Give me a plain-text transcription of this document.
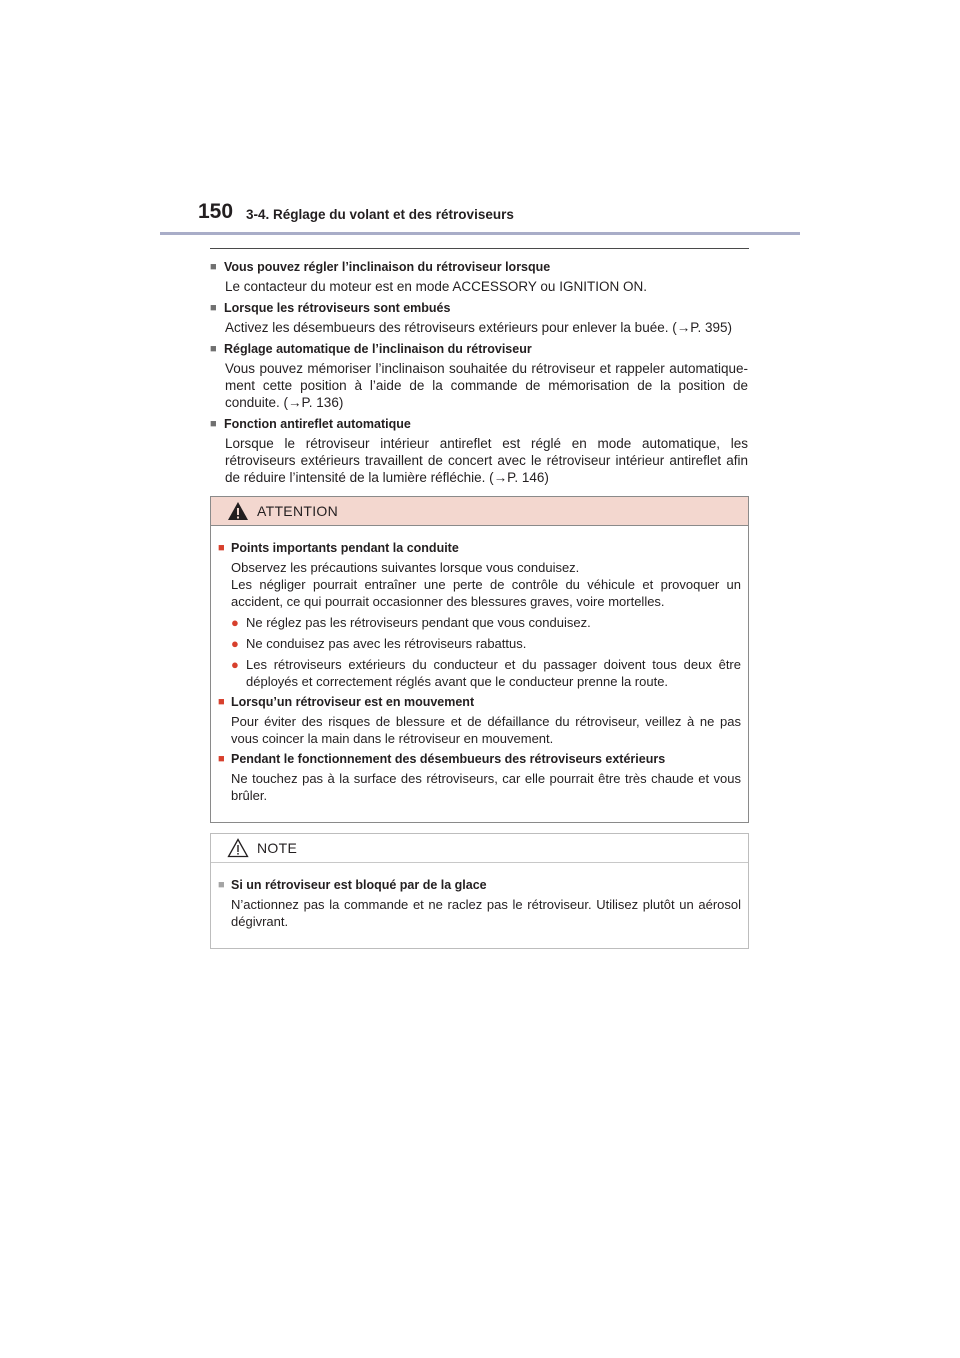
150 3-4. Réglage du volant et des rétroviseurs
■ Vous pouvez régler l’inclinaison du rétroviseur lorsque
Le contacteur du moteur est en mode ACCESSORY ou IGNITION ON.
■ Lorsque les rétroviseurs sont embués
Activez les désembueurs des rétroviseurs extérieurs pour enlever la buée. (→P. 395)
■ Réglage automatique de l’inclinaison du rétroviseur
Vous pouvez mémoriser l’inclinaison souhaitée du rétroviseur et rappeler automatique-ment cette position à l’aide de la commande de mémorisation de la position de conduite. (→P. 136)
■ Fonction antireflet automatique
Lorsque le rétroviseur intérieur antireflet est réglé en mode automatique, les rétroviseurs extérieurs travaillent de concert avec le rétroviseur intérieur antireflet afin de réduire l’intensité de la lumière réfléchie. (→P. 146)
ATTENTION
■ Points importants pendant la conduite
Observez les précautions suivantes lorsque vous conduisez.
Les négliger pourrait entraîner une perte de contrôle du véhicule et provoquer un accident, ce qui pourrait occasionner des blessures graves, voire mortelles.
● Ne réglez pas les rétroviseurs pendant que vous conduisez.
● Ne conduisez pas avec les rétroviseurs rabattus.
● Les rétroviseurs extérieurs du conducteur et du passager doivent tous deux être déployés et correctement réglés avant que le conducteur prenne la route.
■ Lorsqu’un rétroviseur est en mouvement
Pour éviter des risques de blessure et de défaillance du rétroviseur, veillez à ne pas vous coincer la main dans le rétroviseur en mouvement.
■ Pendant le fonctionnement des désembueurs des rétroviseurs extérieurs
Ne touchez pas à la surface des rétroviseurs, car elle pourrait être très chaude et vous brûler.
NOTE
■ Si un rétroviseur est bloqué par de la glace
N’actionnez pas la commande et ne raclez pas le rétroviseur. Utilisez plutôt un aérosol dégivrant.
